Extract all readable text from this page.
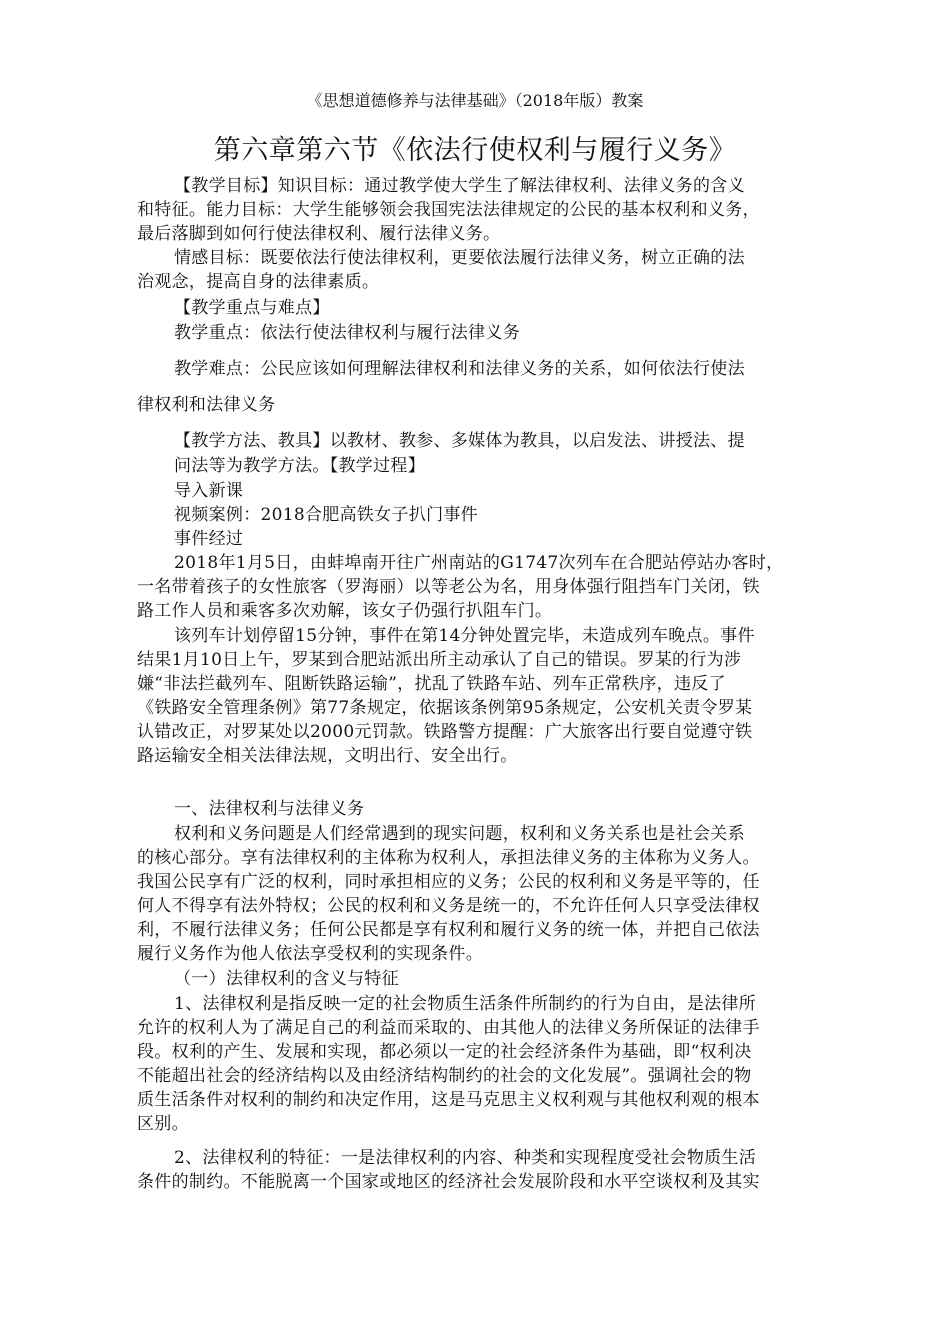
《思想道德修养与法律基础》（2018年版）教案
第六章第六节《依法行使权利与履行义务》
【教学目标】知识目标：通过教学使大学生了解法律权利、法律义务的含义
和特征。能力目标：大学生能够领会我国宪法法律规定的公民的基本权利和义务，
最后落脚到如何行使法律权利、履行法律义务。
情感目标：既要依法行使法律权利，更要依法履行法律义务，树立正确的法
治观念，提高自身的法律素质。
【教学重点与难点】
教学重点：依法行使法律权利与履行法律义务
教学难点：公民应该如何理解法律权利和法律义务的关系，如何依法行使法
律权利和法律义务
【教学方法、教具】以教材、教参、多媒体为教具，以启发法、讲授法、提
问法等为教学方法。【教学过程】
导入新课
视频案例：2018合肥高铁女子扒门事件
事件经过
2018年1月5日，由蚌埠南开往广州南站的G1747次列车在合肥站停站办客时，
一名带着孩子的女性旅客（罗海丽）以等老公为名，用身体强行阻挡车门关闭，铁
路工作人员和乘客多次劝解，该女子仍强行扒阻车门。
该列车计划停留15分钟，事件在第14分钟处置完毕，未造成列车晚点。事件
结果1月10日上午，罗某到合肥站派出所主动承认了自己的错误。罗某的行为涉
嫌“非法拦截列车、阻断铁路运输”，扰乱了铁路车站、列车正常秩序，违反了
《铁路安全管理条例》第77条规定，依据该条例第95条规定，公安机关责令罗某
认错改正，对罗某处以2000元罚款。铁路警方提醒：广大旅客出行要自觉遵守铁
路运输安全相关法律法规，文明出行、安全出行。
一、法律权利与法律义务
权利和义务问题是人们经常遇到的现实问题，权利和义务关系也是社会关系
的核心部分。享有法律权利的主体称为权利人，承担法律义务的主体称为义务人。
我国公民享有广泛的权利，同时承担相应的义务；公民的权利和义务是平等的，任
何人不得享有法外特权；公民的权利和义务是统一的，不允许任何人只享受法律权
利，不履行法律义务；任何公民都是享有权利和履行义务的统一体，并把自己依法
履行义务作为他人依法享受权利的实现条件。
（一）法律权利的含义与特征
1、法律权利是指反映一定的社会物质生活条件所制约的行为自由，是法律所
允许的权利人为了满足自己的利益而采取的、由其他人的法律义务所保证的法律手
段。权利的产生、发展和实现，都必须以一定的社会经济条件为基础，即“权利决
不能超出社会的经济结构以及由经济结构制约的社会的文化发展”。强调社会的物
质生活条件对权利的制约和决定作用，这是马克思主义权利观与其他权利观的根本
区别。
2、法律权利的特征：一是法律权利的内容、种类和实现程度受社会物质生活
条件的制约。不能脱离一个国家或地区的经济社会发展阶段和水平空谈权利及其实
